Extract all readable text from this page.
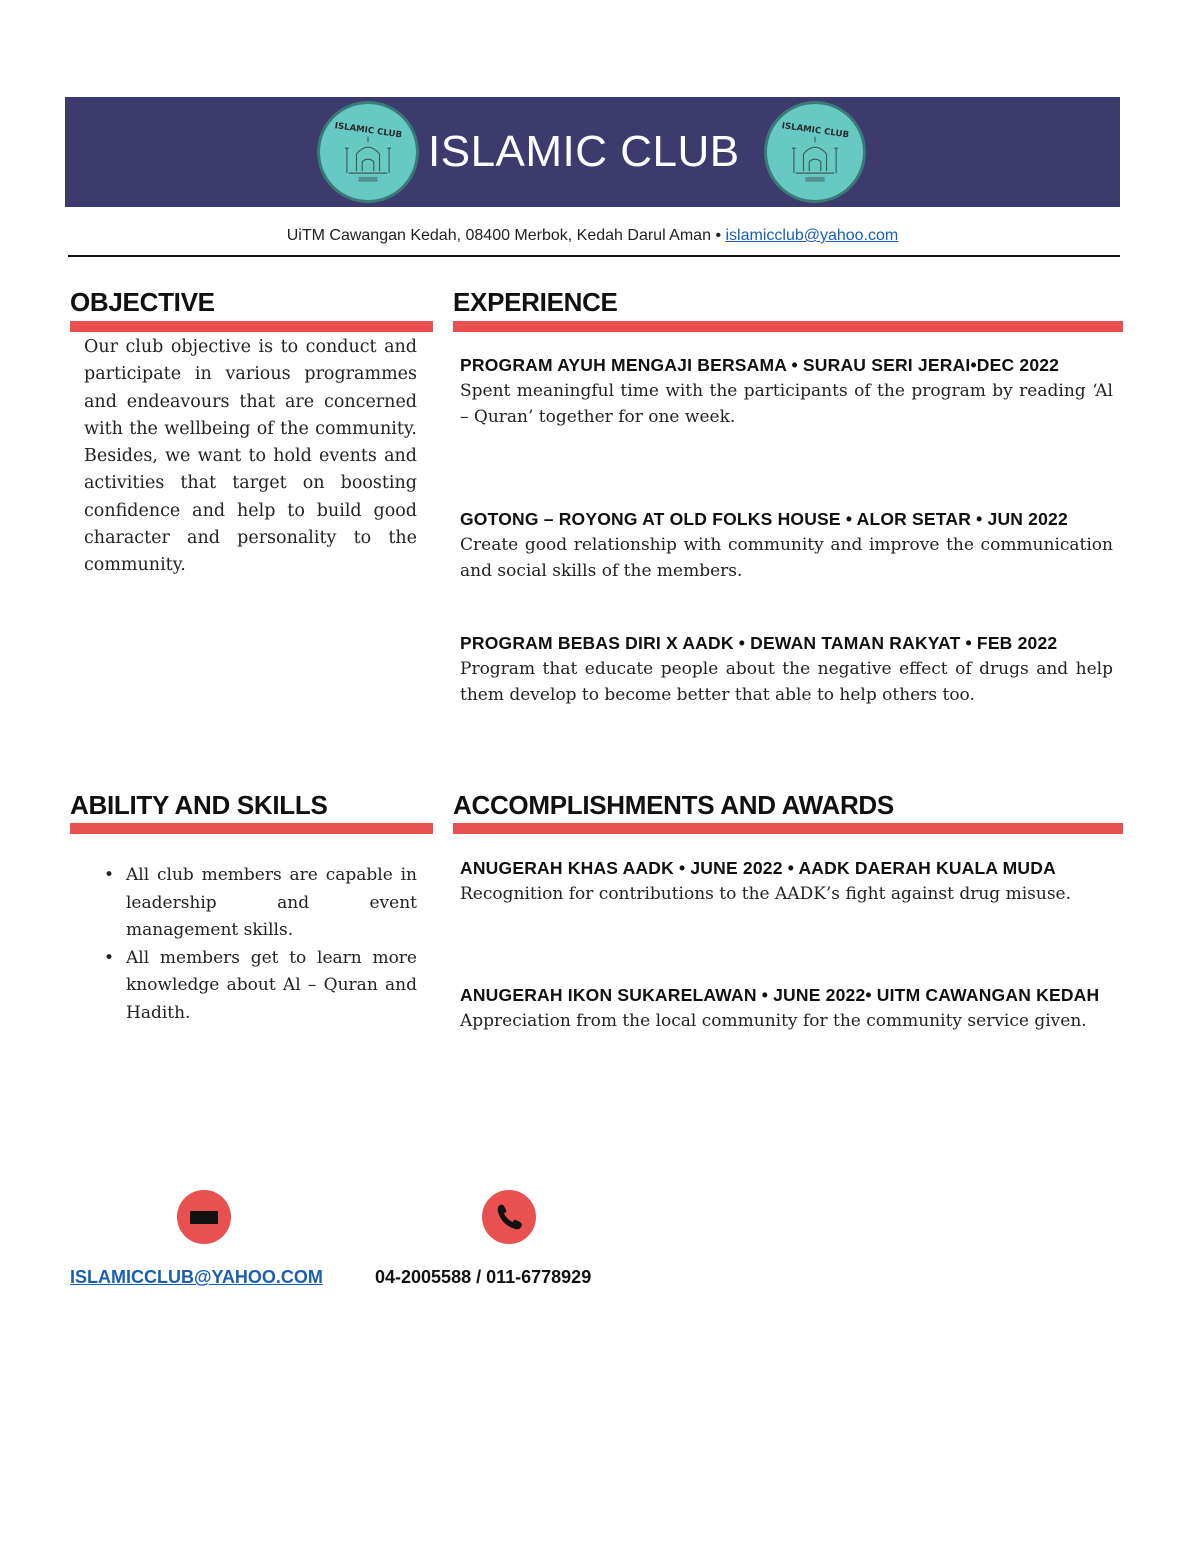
ISLAMIC CLUB ISLAMIC CLUB	ISLAMIC CLUB
UiTM Cawangan Kedah, 08400 Merbok, Kedah Darul Aman • islamicclub@yahoo.com
OBJECTIVE
Our club objective is to conduct and participate in various programmes and endeavours that are concerned with the wellbeing of the community. Besides, we want to hold events and activities that target on boosting confidence and help to build good character and personality to the community.
EXPERIENCE
PROGRAM AYUH MENGAJI BERSAMA • SURAU SERI JERAI•DEC 2022
Spent meaningful time with the participants of the program by reading ‘Al – Quran’ together for one week.
GOTONG – ROYONG AT OLD FOLKS HOUSE • ALOR SETAR • JUN 2022
Create good relationship with community and improve the communication and social skills of the members.
PROGRAM BEBAS DIRI X AADK • DEWAN TAMAN RAKYAT • FEB 2022
Program that educate people about the negative effect of drugs and help them develop to become better that able to help others too.
ABILITY AND SKILLS
• All club members are capable in leadership and event management skills.
• All members get to learn more knowledge about Al – Quran and Hadith.
ACCOMPLISHMENTS AND AWARDS
ANUGERAH KHAS AADK • JUNE 2022 • AADK DAERAH KUALA MUDA
Recognition for contributions to the AADK’s fight against drug misuse.
ANUGERAH IKON SUKARELAWAN • JUNE 2022• UITM CAWANGAN KEDAH
Appreciation from the local community for the community service given.
ISLAMICCLUB@YAHOO.COM	04-2005588 / 011-6778929
